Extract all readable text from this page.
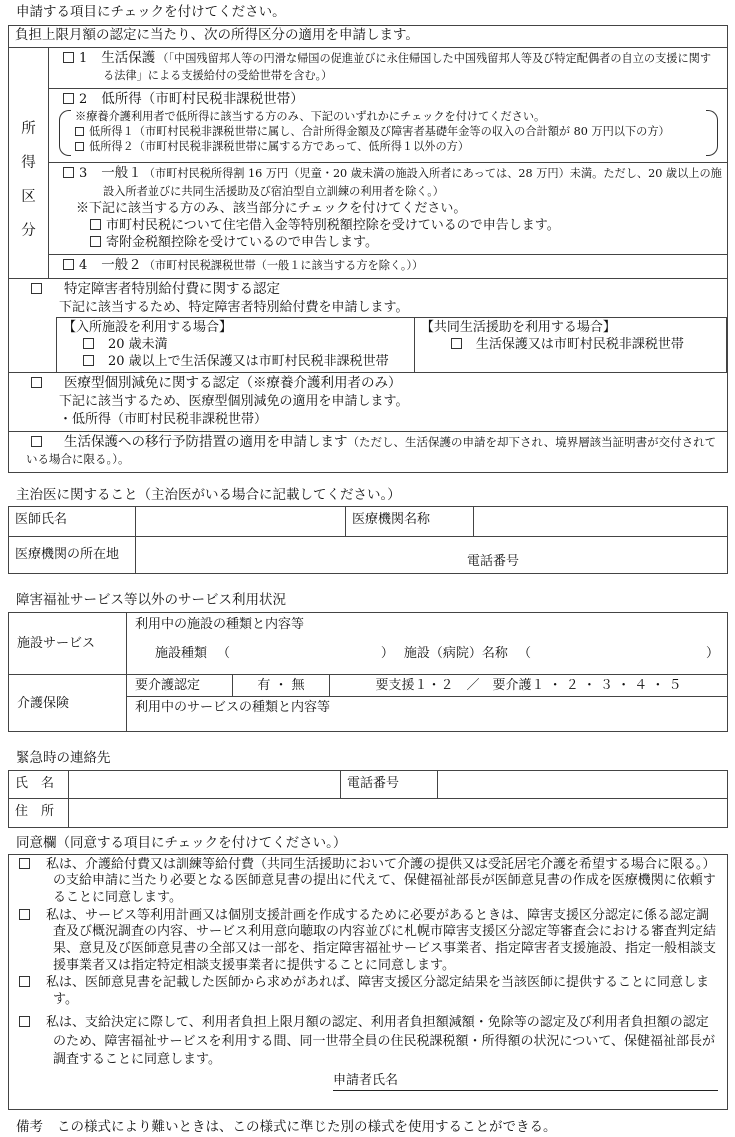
申請する項目にチェックを付けてください。
負担上限月額の認定に当たり、次の所得区分の適用を申請します。
所
得
区
分
1 生活保護 （「中国残留邦人等の円滑な帰国の促進並びに永住帰国した中国残留邦人等及び特定配偶者の自立の支援に関する法律」による支援給付の受給世帯を含む。）
2 低所得（市町村民税非課税世帯）
※療養介護利用者で低所得に該当する方のみ、下記のいずれかにチェックを付けてください。
低所得１（市町村民税非課税世帯に属し、合計所得金額及び障害者基礎年金等の収入の合計額が 80 万円以下の方）
低所得２（市町村民税非課税世帯に属する方であって、低所得１以外の方）
3 一般１ （市町村民税所得割 16 万円（児童・20 歳未満の施設入所者にあっては、28 万円）未満。ただし、20 歳以上の施設入所者並びに共同生活援助及び宿泊型自立訓練の利用者を除く。）
※下記に該当する方のみ、該当部分にチェックを付けてください。
市町村民税について住宅借入金等特別税額控除を受けているので申告します。
寄附金税額控除を受けているので申告します。
4 一般２ （市町村民税課税世帯（一般１に該当する方を除く。））
特定障害者特別給付費に関する認定
下記に該当するため、特定障害者特別給付費を申請します。
【入所施設を利用する場合】
20 歳未満
20 歳以上で生活保護又は市町村民税非課税世帯
【共同生活援助を利用する場合】
生活保護又は市町村民税非課税世帯
医療型個別減免に関する認定（※療養介護利用者のみ）
下記に該当するため、医療型個別減免の適用を申請します。
・低所得（市町村民税非課税世帯）
生活保護への移行予防措置の適用を申請します（ただし、生活保護の申請を却下され、境界層該当証明書が交付されている場合に限る。）。
主治医に関すること（主治医がいる場合に記載してください。）
医師氏名	医療機関名称
医療機関の所在地	電話番号
障害福祉サービス等以外のサービス利用状況
施設サービス
利用中の施設の種類と内容等
施設種類 （	） 施設（病院）名称 （	）
介護保険
要介護認定	有 ・ 無	要支援１・２　／　要介護１ ・ ２ ・ ３ ・ ４ ・ ５
利用中のサービスの種類と内容等
緊急時の連絡先
氏　名	電話番号
住　所
同意欄（同意する項目にチェックを付けてください。）
私は、介護給付費又は訓練等給付費（共同生活援助において介護の提供又は受託居宅介護を希望する場合に限る。）の支給申請に当たり必要となる医師意見書の提出に代えて、保健福祉部長が医師意見書の作成を医療機関に依頼することに同意します。
私は、サービス等利用計画又は個別支援計画を作成するために必要があるときは、障害支援区分認定に係る認定調査及び概況調査の内容、サービス利用意向聴取の内容並びに札幌市障害支援区分認定等審査会における審査判定結果、意見及び医師意見書の全部又は一部を、指定障害福祉サービス事業者、指定障害者支援施設、指定一般相談支援事業者又は指定特定相談支援事業者に提供することに同意します。
私は、医師意見書を記載した医師から求めがあれば、障害支援区分認定結果を当該医師に提供することに同意します。
私は、支給決定に際して、利用者負担上限月額の認定、利用者負担額減額・免除等の認定及び利用者負担額の認定のため、障害福祉サービスを利用する間、同一世帯全員の住民税課税額・所得額の状況について、保健福祉部長が調査することに同意します。
申請者氏名
備考 この様式により難いときは、この様式に準じた別の様式を使用することができる。
